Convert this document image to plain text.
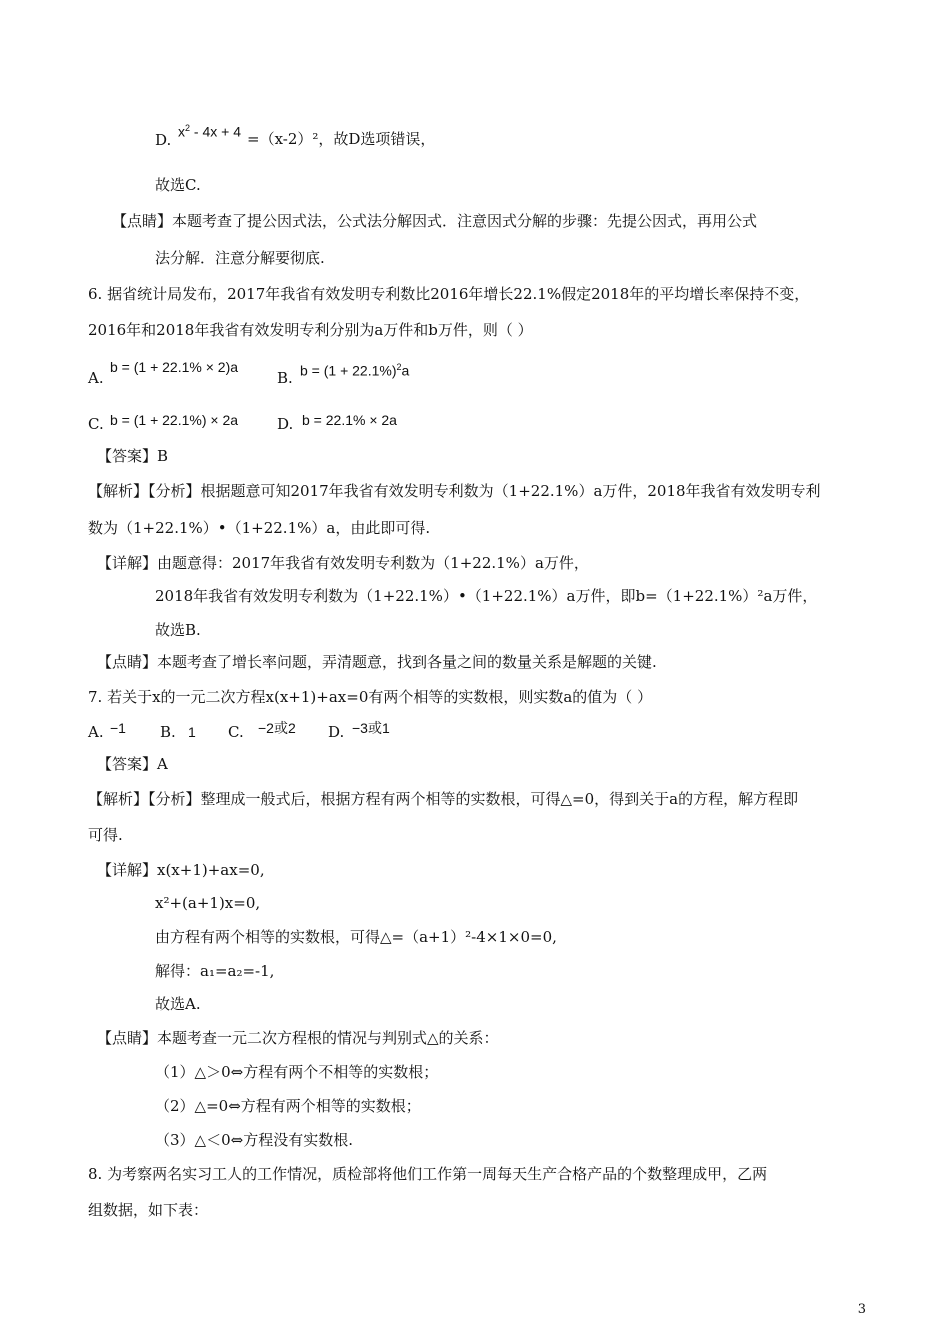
D. $x^2 - 4x + 4 =(x-2)^2$，故D选项错误，
故选C.
【点睛】本题考查了提公因式法，公式法分解因式．注意因式分解的步骤：先提公因式，再用公式
法分解．注意分解要彻底.
6. 据省统计局发布，2017年我省有效发明专利数比2016年增长22.1%假定2018年的平均增长率保持不变，
2016年和2018年我省有效发明专利分别为a万件和b万件，则（ ）
A.
b = (1 + 22.1% × 2)a
B. $b = (1 + 22.1\%)^2a$
C. b = (1 + 22.1%) × 2a	D. b = 22.1% × 2a
【答案】B
【解析】【分析】根据题意可知2017年我省有效发明专利数为（1+22.1%）a万件，2018年我省有效发明专利
数为（1+22.1%）•（1+22.1%）a，由此即可得.
【详解】由题意得：2017年我省有效发明专利数为（1+22.1%）a万件，
2018年我省有效发明专利数为（1+22.1%）•（1+22.1%）a万件，即b=（1+22.1%）²a万件，
故选B.
【点睛】本题考查了增长率问题，弄清题意，找到各量之间的数量关系是解题的关键.
7. 若关于x的一元二次方程x(x+1)+ax=0有两个相等的实数根，则实数a的值为（ ）
A. −1 B. 1 C. −2或2 D. −3或1
【答案】A
【解析】【分析】整理成一般式后，根据方程有两个相等的实数根，可得△=0，得到关于a的方程，解方程即
可得.
【详解】x(x+1)+ax=0,
x²+(a+1)x=0,
由方程有两个相等的实数根，可得△=（a+1）²-4×1×0=0,
解得：a₁=a₂=-1,
故选A.
【点睛】本题考查一元二次方程根的情况与判别式△的关系：
（1）△＞0⇔方程有两个不相等的实数根；
（2）△=0⇔方程有两个相等的实数根；
（3）△＜0⇔方程没有实数根.
8. 为考察两名实习工人的工作情况，质检部将他们工作第一周每天生产合格产品的个数整理成甲，乙两
组数据，如下表：
3
